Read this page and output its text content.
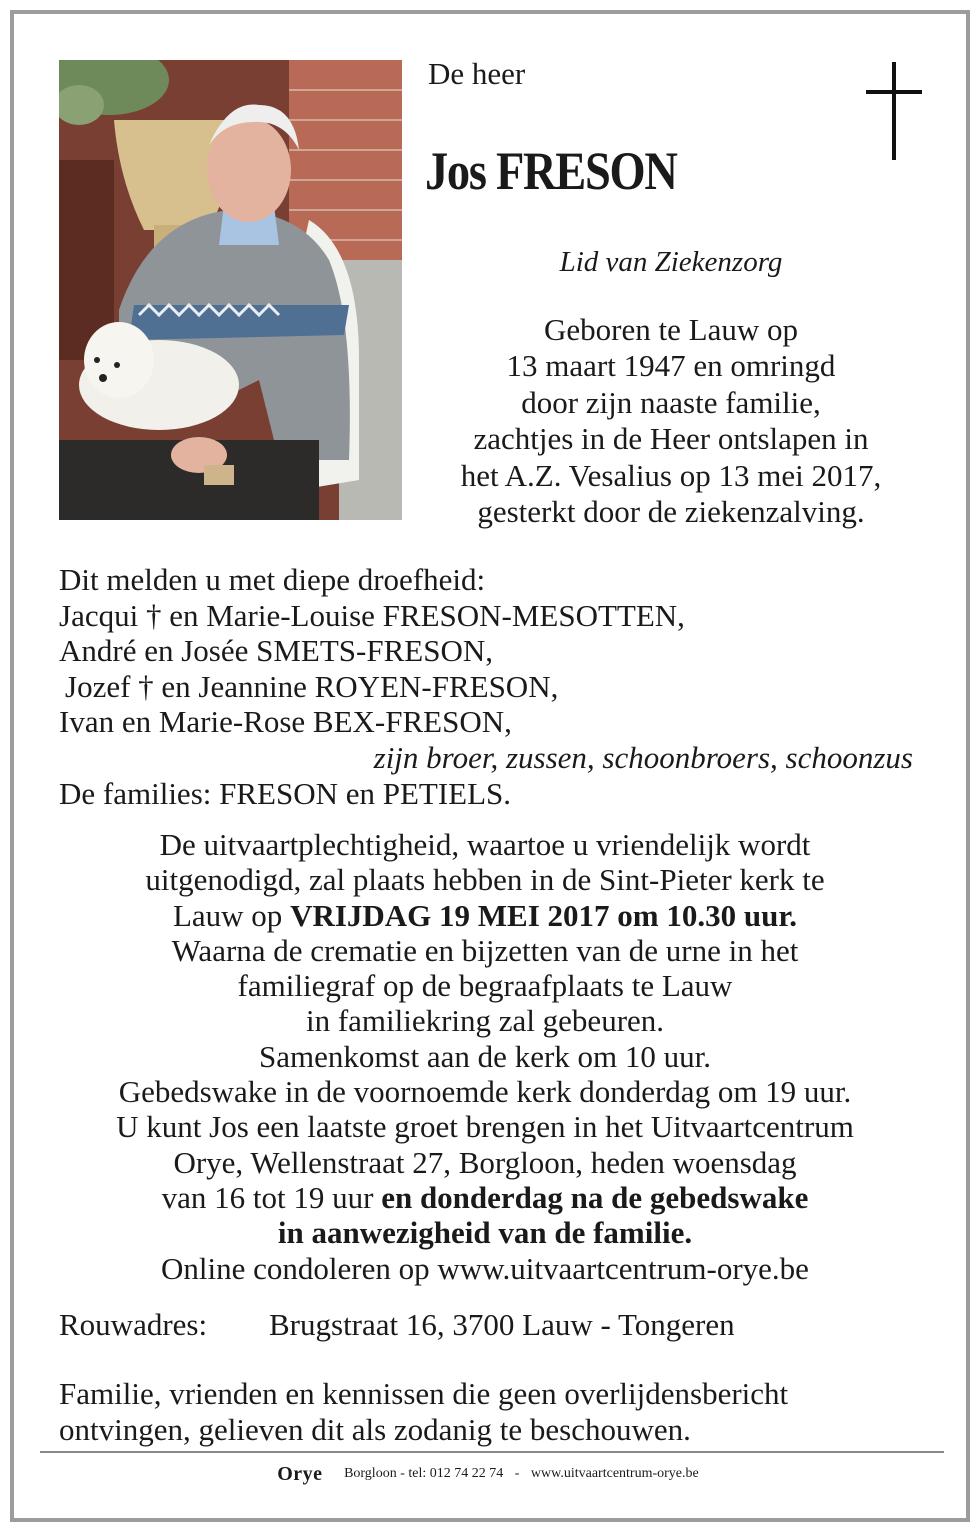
De heer

Jos FRESON

Lid van Ziekenzorg

Geboren te Lauw op
13 maart 1947 en omringd
door zijn naaste familie,
zachtjes in de Heer ontslapen in
het A.Z. Vesalius op 13 mei 2017,
gesterkt door de ziekenzalving.
Dit melden u met diepe droefheid:
Jacqui † en Marie-Louise FRESON-MESOTTEN,
André en Josée SMETS-FRESON,
Jozef † en Jeannine ROYEN-FRESON,
Ivan en Marie-Rose BEX-FRESON,
zijn broer, zussen, schoonbroers, schoonzus
De families: FRESON en PETIELS.
De uitvaartplechtigheid, waartoe u vriendelijk wordt
uitgenodigd, zal plaats hebben in de Sint-Pieter kerk te
Lauw op VRIJDAG 19 MEI 2017 om 10.30 uur.
Waarna de crematie en bijzetten van de urne in het
familiegraf op de begraafplaats te Lauw
in familiekring zal gebeuren.
Samenkomst aan de kerk om 10 uur.
Gebedswake in de voornoemde kerk donderdag om 19 uur.
U kunt Jos een laatste groet brengen in het Uitvaartcentrum
Orye, Wellenstraat 27, Borgloon, heden woensdag
van 16 tot 19 uur en donderdag na de gebedswake
in aanwezigheid van de familie.
Online condoleren op www.uitvaartcentrum-orye.be

Rouwadres: Brugstraat 16, 3700 Lauw - Tongeren

Familie, vrienden en kennissen die geen overlijdensbericht
ontvingen, gelieven dit als zodanig te beschouwen.
Orye Borgloon - tel: 012 74 22 74 - www.uitvaartcentrum-orye.be
